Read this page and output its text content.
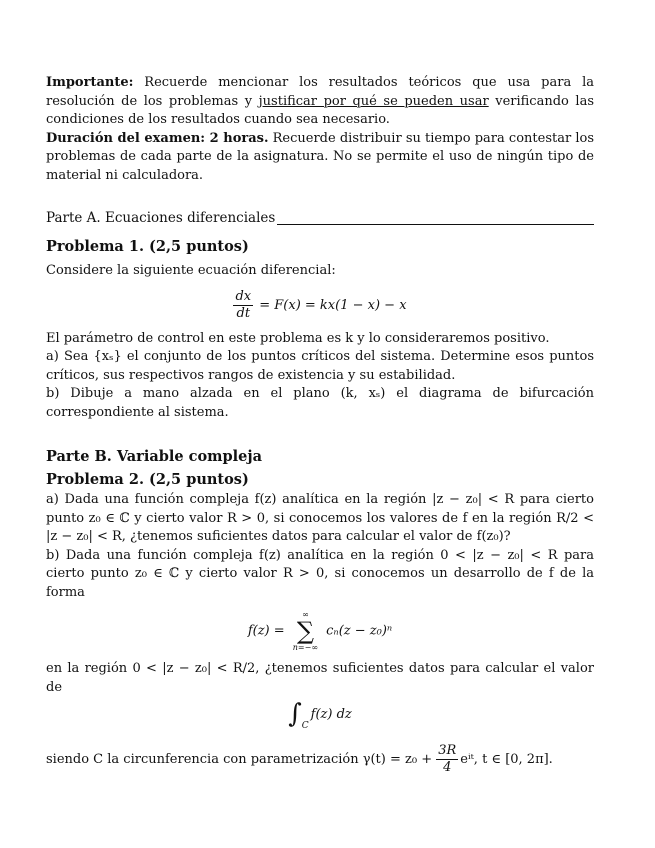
Importante: Recuerde mencionar los resultados teóricos que usa para la resolución de los problemas y justificar por qué se pueden usar verificando las condiciones de los resultados cuando sea necesario.

Duración del examen: 2 horas. Recuerde distribuir su tiempo para contestar los problemas de cada parte de la asignatura. No se permite el uso de ningún tipo de material ni calculadora.

Parte A. Ecuaciones diferenciales
Problema 1. (2,5 puntos)

Considere la siguiente ecuación diferencial:

$\frac{dx}{dt} = F(x) = kx(1 - x) - x$

El parámetro de control en este problema es k y lo consideraremos positivo.

a) Sea {xₛ} el conjunto de los puntos críticos del sistema. Determine esos puntos críticos, sus respectivos rangos de existencia y su estabilidad.

b) Dibuje a mano alzada en el plano (k, xₛ) el diagrama de bifurcación correspondiente al sistema.

Parte B. Variable compleja
Problema 2. (2,5 puntos)

a) Dada una función compleja f(z) analítica en la región |z − z₀| < R para cierto punto z₀ ∈ ℂ y cierto valor R > 0, si conocemos los valores de f en la región R/2 < |z − z₀| < R, ¿tenemos suficientes datos para calcular el valor de f(z₀)?

b) Dada una función compleja f(z) analítica en la región 0 < |z − z₀| < R para cierto punto z₀ ∈ ℂ y cierto valor R > 0, si conocemos un desarrollo de f de la forma

f(z) =
∞
∑
n=−∞
cₙ(z − z₀)ⁿ

en la región 0 < |z − z₀| < R/2, ¿tenemos suficientes datos para calcular el valor de

$\int_Cf(z)$ dz

siendo C la circunferencia con parametrización $\gamma(t) = z_0 + \frac{3R}{4}$ eⁱᵗ, t ∈ [0, 2π].
